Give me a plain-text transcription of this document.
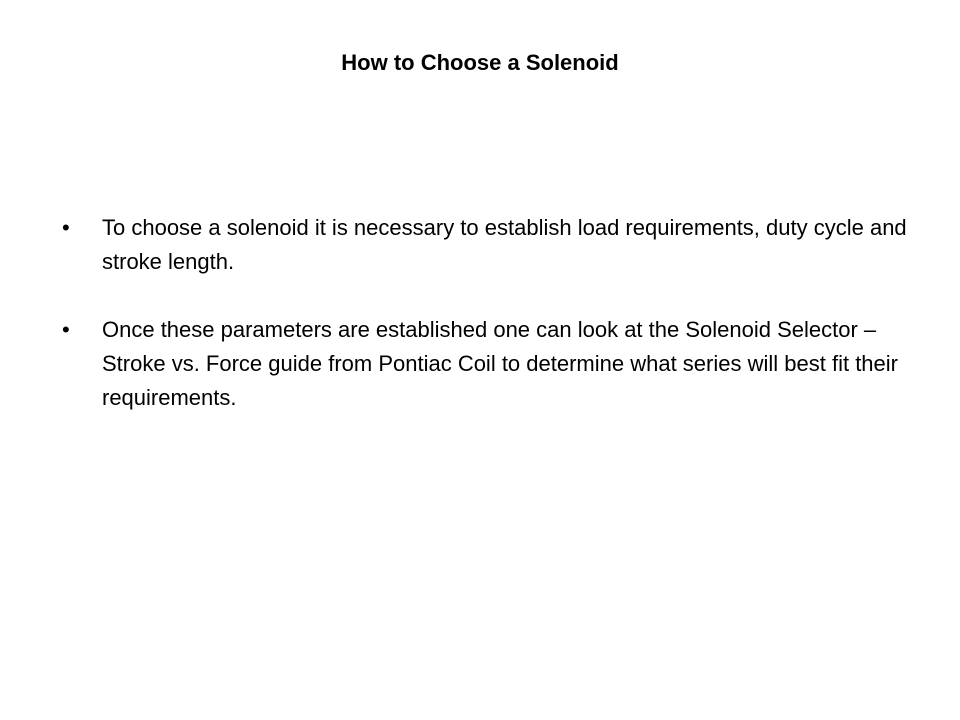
How to Choose a Solenoid
•	To choose a solenoid it is necessary to establish load requirements, duty cycle and stroke length.
•	Once these parameters are established one can look at the Solenoid Selector – Stroke vs. Force guide from Pontiac Coil to determine what series will best fit their requirements.
